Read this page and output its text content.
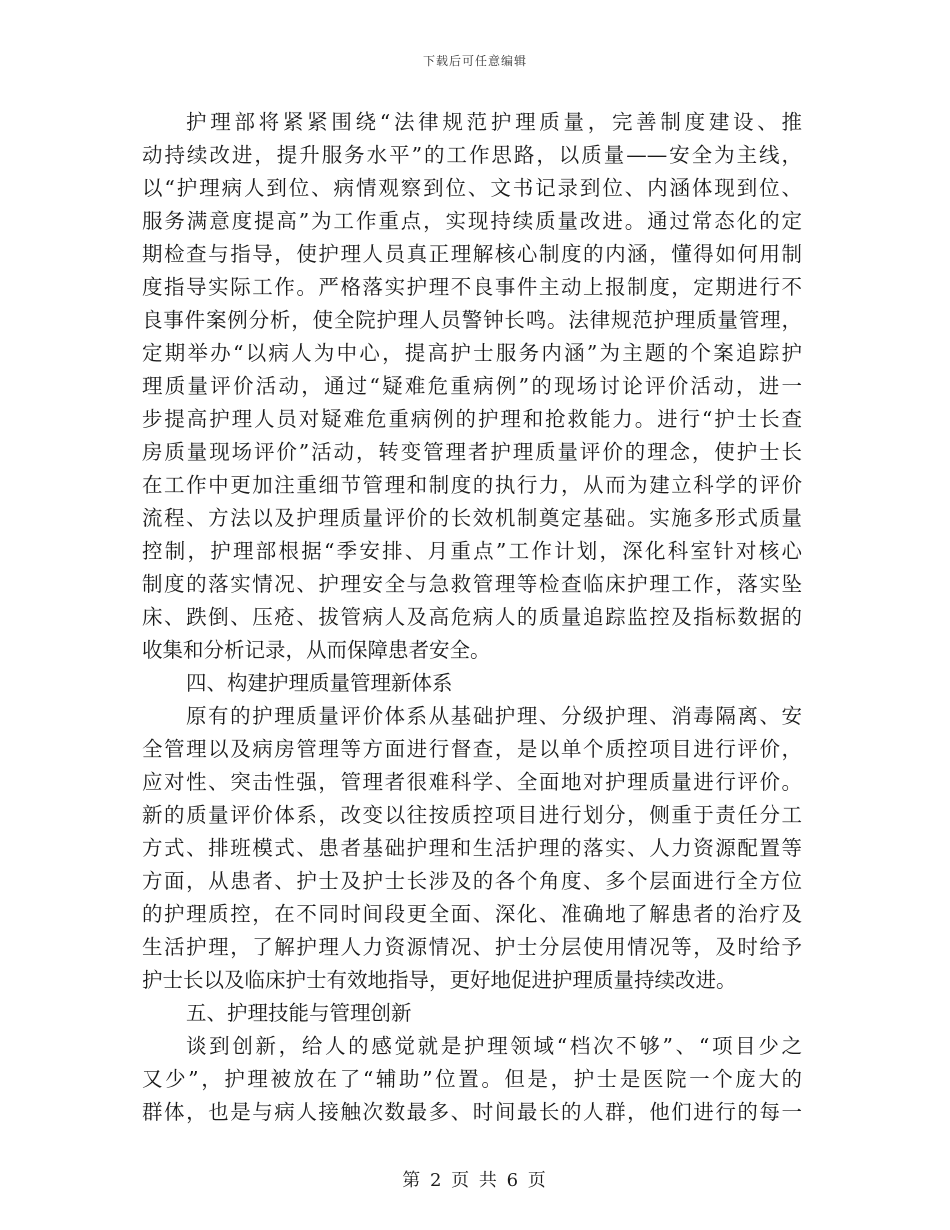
下载后可任意编辑
护理部将紧紧围绕“法律规范护理质量，完善制度建设、推
动持续改进，提升服务水平”的工作思路，以质量——安全为主线，
以“护理病人到位、病情观察到位、文书记录到位、内涵体现到位、
服务满意度提高”为工作重点，实现持续质量改进。通过常态化的定
期检查与指导，使护理人员真正理解核心制度的内涵，懂得如何用制
度指导实际工作。严格落实护理不良事件主动上报制度，定期进行不
良事件案例分析，使全院护理人员警钟长鸣。法律规范护理质量管理，
定期举办“以病人为中心，提高护士服务内涵”为主题的个案追踪护
理质量评价活动，通过“疑难危重病例”的现场讨论评价活动，进一
步提高护理人员对疑难危重病例的护理和抢救能力。进行“护士长查
房质量现场评价”活动，转变管理者护理质量评价的理念，使护士长
在工作中更加注重细节管理和制度的执行力，从而为建立科学的评价
流程、方法以及护理质量评价的长效机制奠定基础。实施多形式质量
控制，护理部根据“季安排、月重点”工作计划，深化科室针对核心
制度的落实情况、护理安全与急救管理等检查临床护理工作，落实坠
床、跌倒、压疮、拔管病人及高危病人的质量追踪监控及指标数据的
收集和分析记录，从而保障患者安全。
四、构建护理质量管理新体系
原有的护理质量评价体系从基础护理、分级护理、消毒隔离、安
全管理以及病房管理等方面进行督查，是以单个质控项目进行评价，
应对性、突击性强，管理者很难科学、全面地对护理质量进行评价。
新的质量评价体系，改变以往按质控项目进行划分，侧重于责任分工
方式、排班模式、患者基础护理和生活护理的落实、人力资源配置等
方面，从患者、护士及护士长涉及的各个角度、多个层面进行全方位
的护理质控，在不同时间段更全面、深化、准确地了解患者的治疗及
生活护理，了解护理人力资源情况、护士分层使用情况等，及时给予
护士长以及临床护士有效地指导，更好地促进护理质量持续改进。
五、护理技能与管理创新
谈到创新，给人的感觉就是护理领域“档次不够”、“项目少之
又少”，护理被放在了“辅助”位置。但是，护士是医院一个庞大的
群体，也是与病人接触次数最多、时间最长的人群，他们进行的每一
第 2 页 共 6 页
